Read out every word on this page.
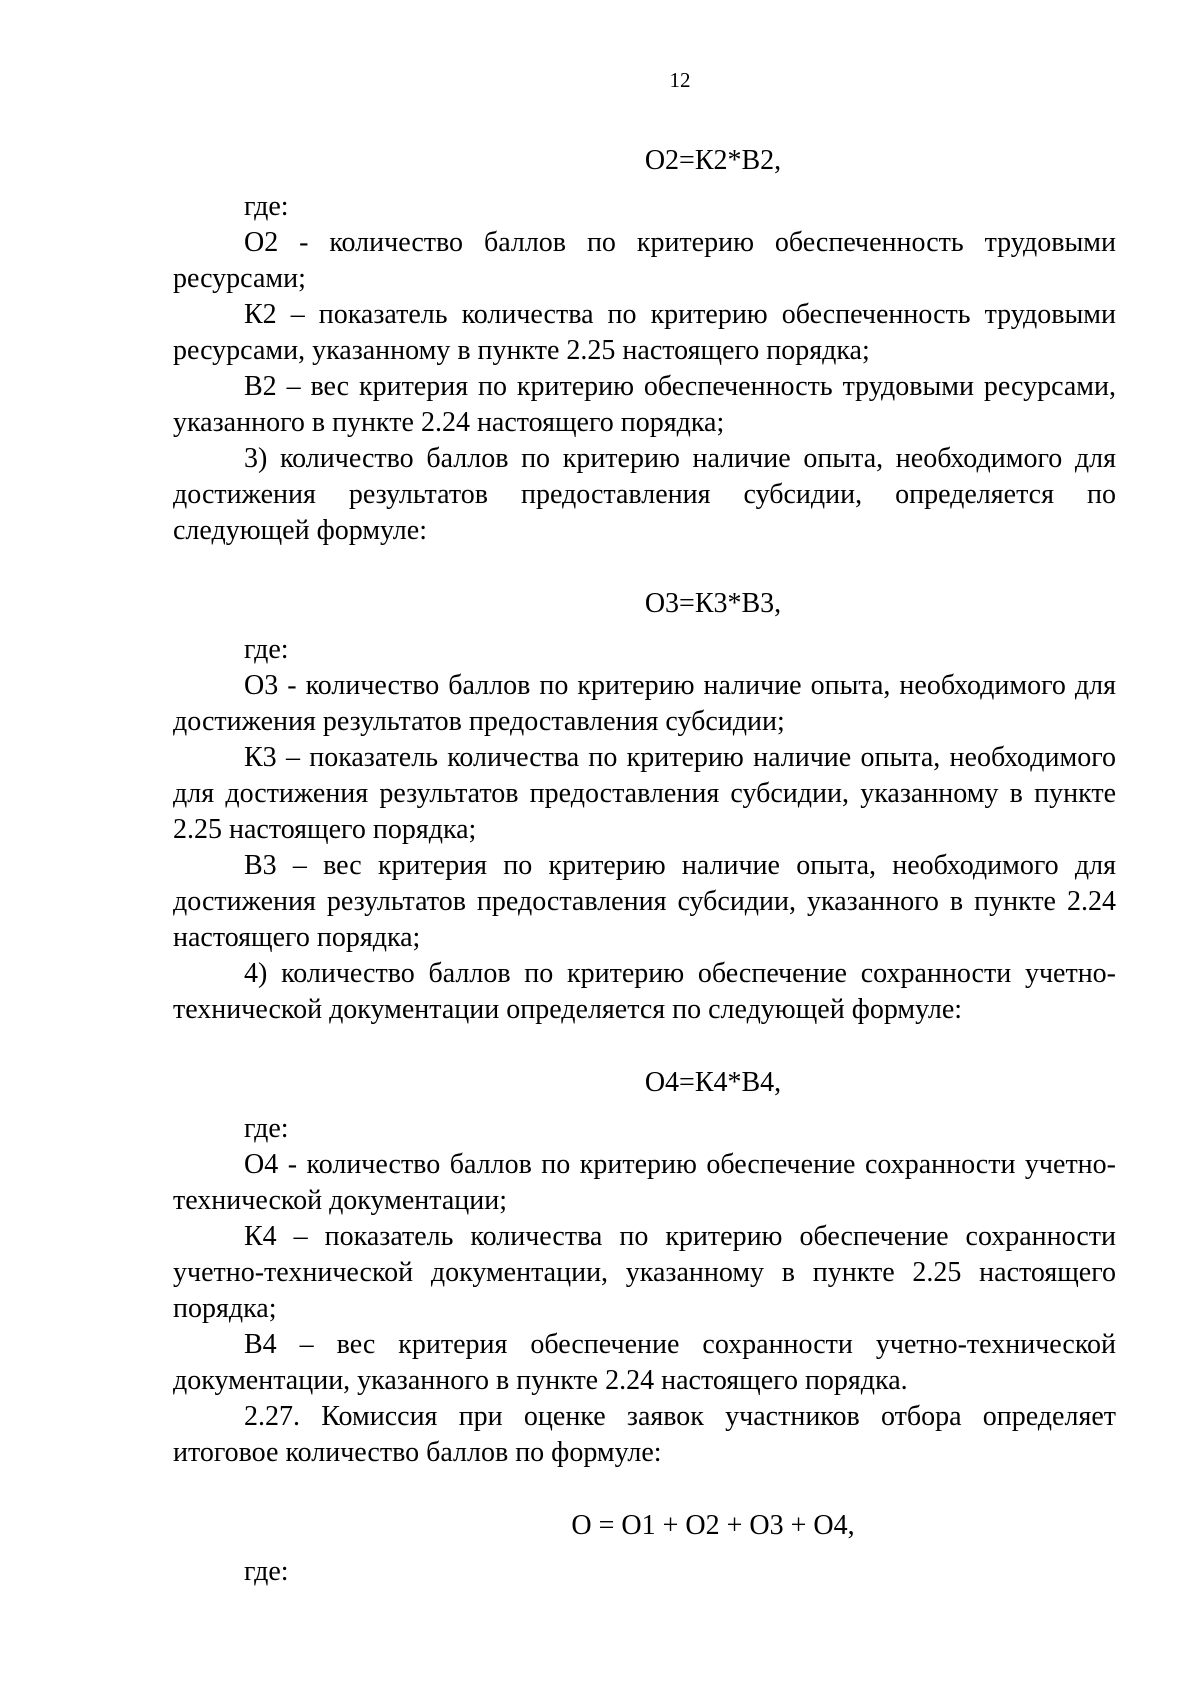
12
О2=К2*В2,

где:

О2 - количество баллов по критерию обеспеченность трудовыми ресурсами;

К2 – показатель количества по критерию обеспеченность трудовыми ресурсами, указанному в пункте 2.25 настоящего порядка;

В2 – вес критерия по критерию обеспеченность трудовыми ресурсами, указанного в пункте 2.24 настоящего порядка;

3) количество баллов по критерию наличие опыта, необходимого для достижения результатов предоставления субсидии, определяется по следующей формуле:

О3=К3*В3,

где:

О3 - количество баллов по критерию наличие опыта, необходимого для достижения результатов предоставления субсидии;

К3 – показатель количества по критерию наличие опыта, необходимого для достижения результатов предоставления субсидии, указанному в пункте 2.25 настоящего порядка;

В3 – вес критерия по критерию наличие опыта, необходимого для достижения результатов предоставления субсидии, указанного в пункте 2.24 настоящего порядка;

4) количество баллов по критерию обеспечение сохранности учетно-технической документации определяется по следующей формуле:

О4=К4*В4,

где:

О4 - количество баллов по критерию обеспечение сохранности учетно-технической документации;

К4 – показатель количества по критерию обеспечение сохранности учетно-технической документации, указанному в пункте 2.25 настоящего порядка;

В4 – вес критерия обеспечение сохранности учетно-технической документации, указанного в пункте 2.24 настоящего порядка.

2.27. Комиссия при оценке заявок участников отбора определяет итоговое количество баллов по формуле:

О = О1 + О2 + О3 + О4,

где:
